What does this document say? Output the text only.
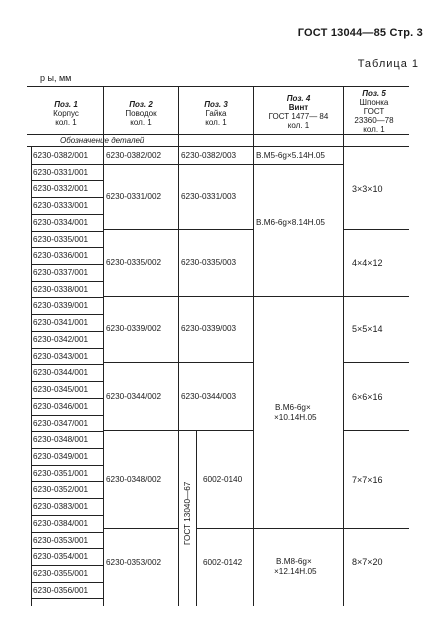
ГОСТ 13044—85 Стр. 3
Таблица 1
р ы, мм
Поз. 1
Корпус
кол. 1
Поз. 2
Поводок
кол. 1
Поз. 3
Гайка
кол. 1
Поз. 4
Винт
ГОСТ 1477— 84
кол. 1
Поз. 5
Шпонка
ГОСТ
23360—78
кол. 1
Обозначение деталей
6230-0382/001
6230-0331/001
6230-0332/001
6230-0333/001
6230-0334/001
6230-0335/001
6230-0336/001
6230-0337/001
6230-0338/001
6230-0339/001
6230-0341/001
6230-0342/001
6230-0343/001
6230-0344/001
6230-0345/001
6230-0346/001
6230-0347/001
6230-0348/001
6230-0349/001
6230-0351/001
6230-0352/001
6230-0383/001
6230-0384/001
6230-0353/001
6230-0354/001
6230-0355/001
6230-0356/001
6230-0382/002
6230-0331/002
6230-0335/002
6230-0339/002
6230-0344/002
6230-0348/002
6230-0353/002
6230-0382/003
6230-0331/003
6230-0335/003
6230-0339/003
6230-0344/003
ГОСТ 13040—67
6002-0140
6002-0142
B.M5-6g×5.14H.05
B.M6-6g×8.14H.05
B.M6-6g×
×10.14H.05
B.M8-6g×
×12.14H.05
3×3×10
4×4×12
5×5×14
6×6×16
7×7×16
8×7×20
